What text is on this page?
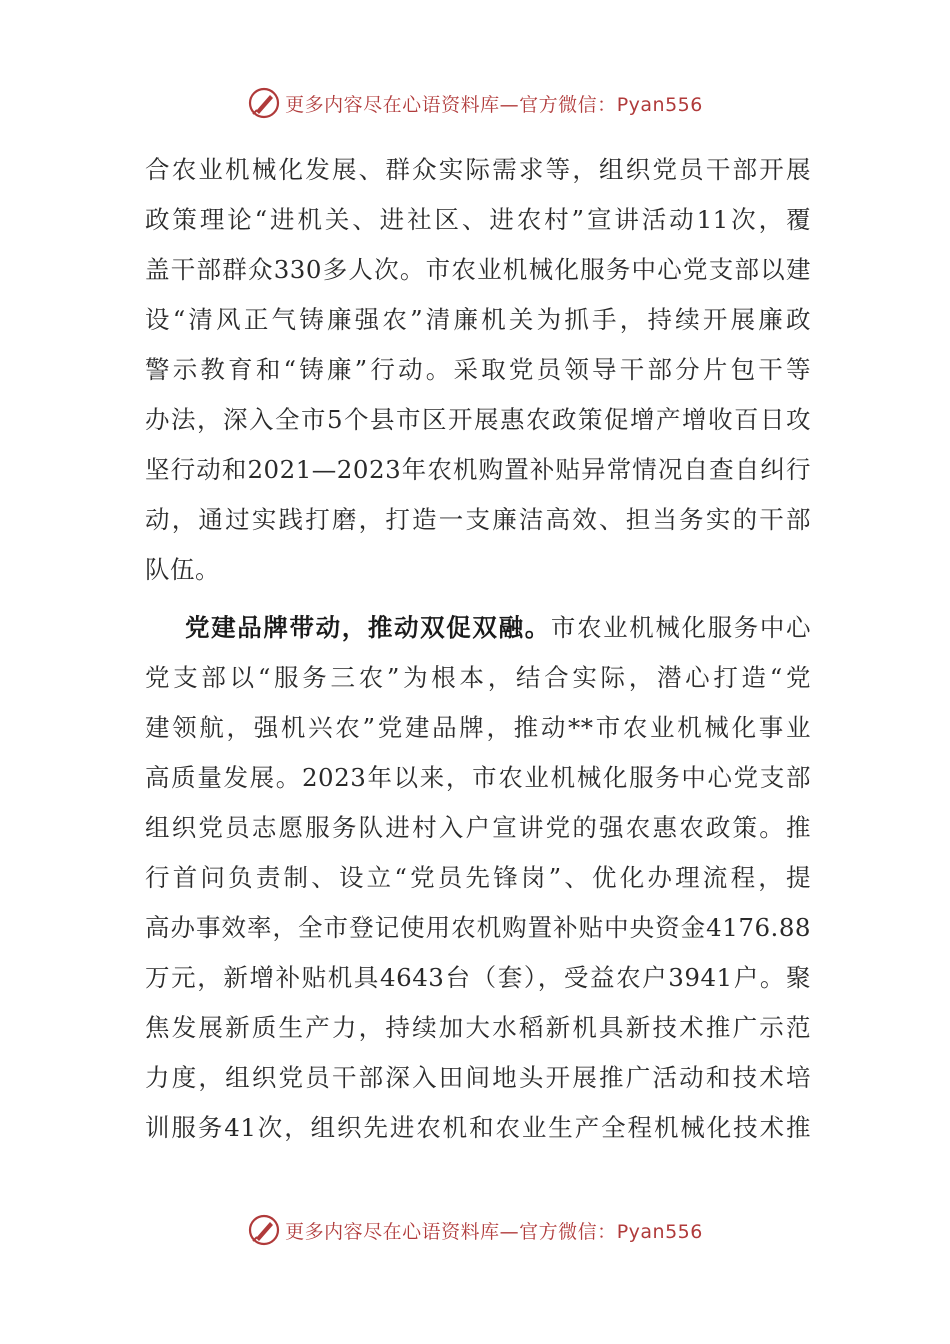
更多内容尽在心语资料库—官方微信：Pyan556
合农业机械化发展、群众实际需求等，组织党员干部开展
政策理论“进机关、进社区、进农村”宣讲活动11次，覆
盖干部群众330多人次。市农业机械化服务中心党支部以建
设“清风正气铸廉强农”清廉机关为抓手，持续开展廉政
警示教育和“铸廉”行动。采取党员领导干部分片包干等
办法，深入全市5个县市区开展惠农政策促增产增收百日攻
坚行动和2021—2023年农机购置补贴异常情况自查自纠行
动，通过实践打磨，打造一支廉洁高效、担当务实的干部
队伍。
党建品牌带动，推动双促双融。市农业机械化服务中心
党支部以“服务三农”为根本，结合实际，潜心打造“党
建领航，强机兴农”党建品牌，推动**市农业机械化事业
高质量发展。2023年以来，市农业机械化服务中心党支部
组织党员志愿服务队进村入户宣讲党的强农惠农政策。推
行首问负责制、设立“党员先锋岗”、优化办理流程，提
高办事效率，全市登记使用农机购置补贴中央资金4176.88
万元，新增补贴机具4643台（套），受益农户3941户。聚
焦发展新质生产力，持续加大水稻新机具新技术推广示范
力度，组织党员干部深入田间地头开展推广活动和技术培
训服务41次，组织先进农机和农业生产全程机械化技术推
更多内容尽在心语资料库—官方微信：Pyan556
